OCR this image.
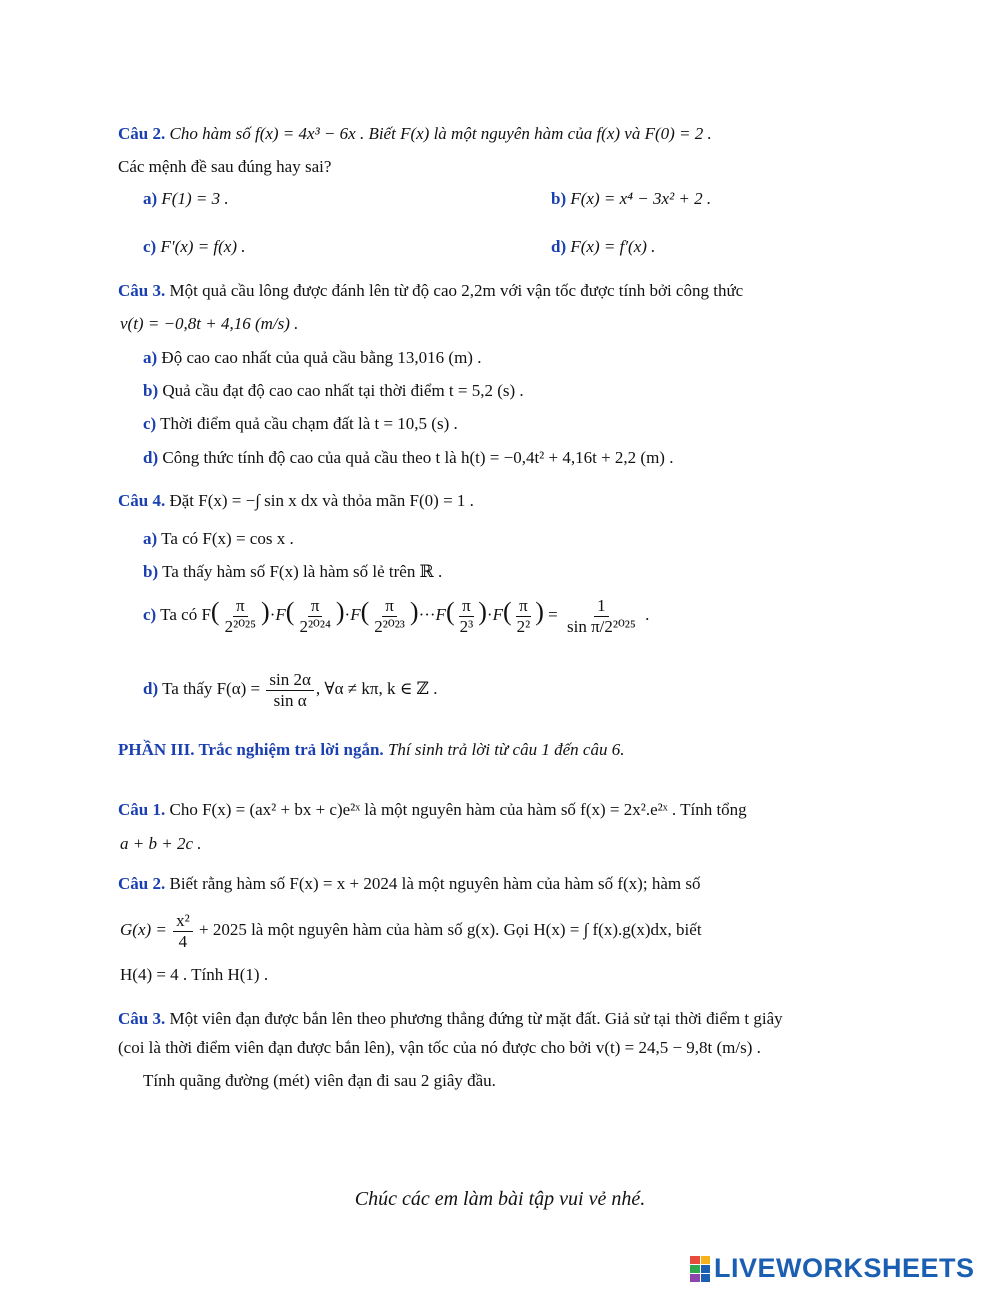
Câu 2. Cho hàm số f(x) = 4x³ − 6x . Biết F(x) là một nguyên hàm của f(x) và F(0) = 2 .
Các mệnh đề sau đúng hay sai?
a) F(1) = 3 .	b) F(x) = x⁴ − 3x² + 2 .
c) F′(x) = f(x) .	d) F(x) = f′(x) .
Câu 3. Một quả cầu lông được đánh lên từ độ cao 2,2m với vận tốc được tính bởi công thức
v(t) = −0,8t + 4,16 (m/s) .
a) Độ cao cao nhất của quả cầu bằng 13,016 (m) .
b) Quả cầu đạt độ cao cao nhất tại thời điểm t = 5,2 (s) .
c) Thời điểm quả cầu chạm đất là t = 10,5 (s) .
d) Công thức tính độ cao của quả cầu theo t là h(t) = −0,4t² + 4,16t + 2,2 (m) .
Câu 4. Đặt F(x) = −∫ sin x dx và thỏa mãn F(0) = 1 .
a) Ta có F(x) = cos x .
b) Ta thấy hàm số F(x) là hàm số lẻ trên ℝ .
c) Ta có $F( \frac{\pi}{\text{2²⁰²⁵}} )\cdot F( \frac{\pi}{\text{2²⁰²⁴}} )\cdot F( \frac{\pi}{\text{2²⁰²³}} )\cdot\cdot\cdot F( \frac{\pi}{\text{2³}} )\cdot F( \frac{\pi}{\text{2²}}$ ) = $\frac{1}{\text{sin π/2²⁰²⁵}}$ .
d) Ta thấy $F(\alpha) = \frac{\sin 2\alpha}{\text{sin α}}$ , ∀α ≠ kπ, k ∈ ℤ .
PHẦN III. Trắc nghiệm trả lời ngắn. Thí sinh trả lời từ câu 1 đến câu 6.
Câu 1. Cho F(x) = (ax² + bx + c)e²ˣ là một nguyên hàm của hàm số f(x) = 2x².e²ˣ . Tính tổng
a + b + 2c .
Câu 2. Biết rằng hàm số F(x) = x + 2024 là một nguyên hàm của hàm số f(x); hàm số
$G(x) = \frac{\text{x²}}{4} + 2025$ là một nguyên hàm của hàm số g(x). Gọi H(x) = ∫ f(x).g(x)dx, biết
H(4) = 4 . Tính H(1) .
Câu 3. Một viên đạn được bắn lên theo phương thẳng đứng từ mặt đất. Giả sử tại thời điểm t giây
(coi là thời điểm viên đạn được bắn lên), vận tốc của nó được cho bởi v(t) = 24,5 − 9,8t (m/s) .
Tính quãng đường (mét) viên đạn đi sau 2 giây đầu.
Chúc các em làm bài tập vui vẻ nhé.
LIVEWORKSHEETS
